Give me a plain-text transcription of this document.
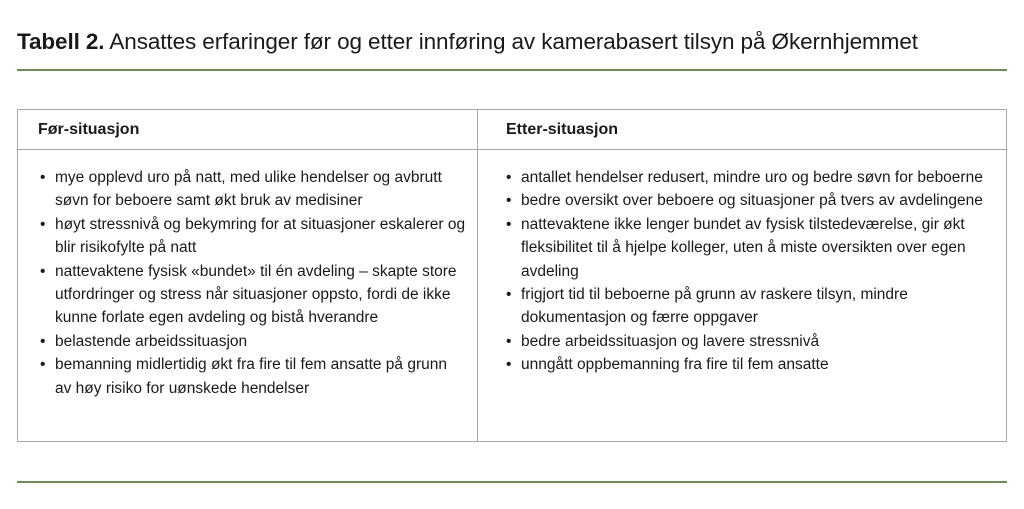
Tabell 2. Ansattes erfaringer før og etter innføring av kamerabasert tilsyn på Økernhjemmet
Før-situasjon	Etter-situasjon
• mye opplevd uro på natt, med ulike hendelser og avbrutt søvn for beboere samt økt bruk av medisiner
• høyt stressnivå og bekymring for at situasjoner eskalerer og blir risikofylte på natt
• nattevaktene fysisk «bundet» til én avdeling – skapte store utfordringer og stress når situasjoner oppsto, fordi de ikke kunne forlate egen avdeling og bistå hverandre
• belastende arbeidssituasjon
• bemanning midlertidig økt fra fire til fem ansatte på grunn av høy risiko for uønskede hendelser
• antallet hendelser redusert, mindre uro og bedre søvn for beboerne
• bedre oversikt over beboere og situasjoner på tvers av avdelingene
• nattevaktene ikke lenger bundet av fysisk tilstedeværelse, gir økt fleksibilitet til å hjelpe kolleger, uten å miste oversikten over egen avdeling
• frigjort tid til beboerne på grunn av raskere tilsyn, mindre dokumentasjon og færre oppgaver
• bedre arbeidssituasjon og lavere stressnivå
• unngått oppbemanning fra fire til fem ansatte
